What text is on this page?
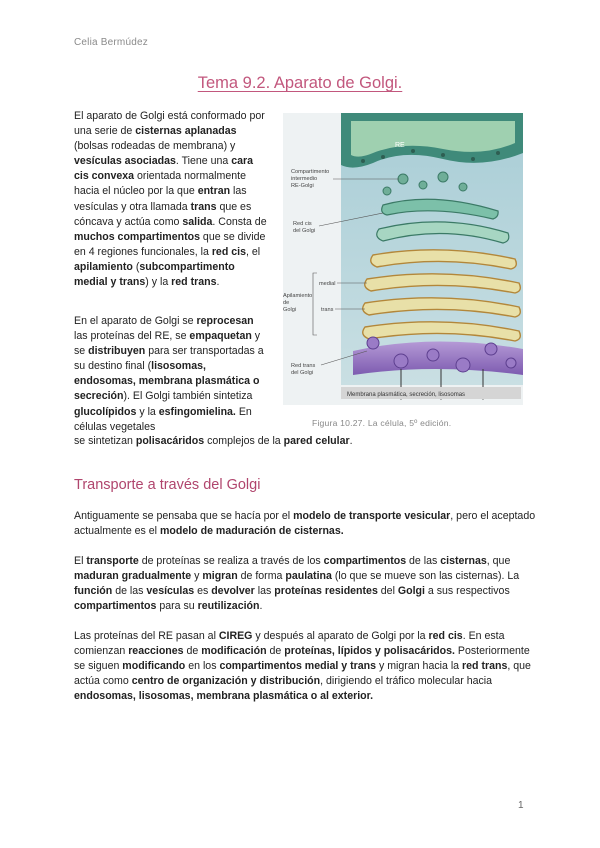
Celia Bermúdez
Tema 9.2. Aparato de Golgi.

El aparato de Golgi está conformado por una serie de cisternas aplanadas (bolsas rodeadas de membrana) y vesículas asociadas. Tiene una cara cis convexa orientada normalmente hacia el núcleo por la que entran las vesículas y otra llamada trans que es cóncava y actúa como salida. Consta de muchos compartimentos que se divide en 4 regiones funcionales, la red cis, el apilamiento (subcompartimento medial y trans) y la red trans.

En el aparato de Golgi se reprocesan las proteínas del RE, se empaquetan y se distribuyen para ser transportadas a su destino final (lisosomas, endosomas, membrana plasmática o secreción). El Golgi también sintetiza glucolípidos y la esfingomielina. En células vegetales

se sintetizan polisacáridos complejos de la pared celular.
RE
Membrana plasmática, secreción, lisosomas
Compartimento
intermedio
RE-Golgi
Red cis
del Golgi
Apilamiento
de
Golgi
medial
trans
Red trans
del Golgi
Figura 10.27. La célula, 5º edición.
Transporte a través del Golgi

Antiguamente se pensaba que se hacía por el modelo de transporte vesicular, pero el aceptado actualmente es el modelo de maduración de cisternas.

El transporte de proteínas se realiza a través de los compartimentos de las cisternas, que maduran gradualmente y migran de forma paulatina (lo que se mueve son las cisternas). La función de las vesículas es devolver las proteínas residentes del Golgi a sus respectivos compartimentos para su reutilización.

Las proteínas del RE pasan al CIREG y después al aparato de Golgi por la red cis. En esta comienzan reacciones de modificación de proteínas, lípidos y polisacáridos. Posteriormente se siguen modificando en los compartimentos medial y trans y migran hacia la red trans, que actúa como centro de organización y distribución, dirigiendo el tráfico molecular hacia endosomas, lisosomas, membrana plasmática o al exterior.

1
